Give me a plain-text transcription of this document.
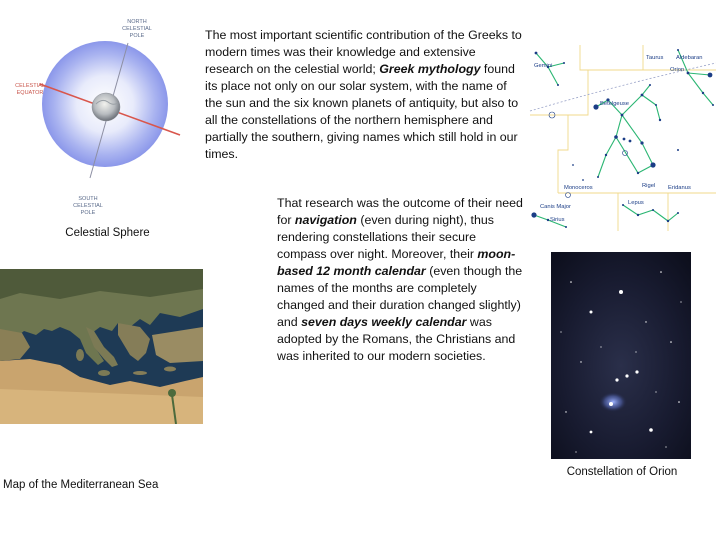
NORTH
CELESTIAL
POLE
CELESTIAL
EQUATOR
SOUTH
CELESTIAL
POLE

Celestial Sphere

The most important scientific contribution of the Greeks to modern times was their knowledge and extensive research on the celestial world; Greek mythology found its place not only on our solar system, with the name of the sun and the six known planets of antiquity, but also to all the constellations of the northern hemisphere and partially the southern, giving names which still hold in our times.

Gemini
Taurus Aldebaran
Orion
Betelgeuse
Monoceros	Rigel Eridanus
Canis Major
Lepus
Sirius

That research was the outcome of their need for navigation (even during night), thus rendering constellations their secure compass over night. Moreover, their moon-based 12 month calendar (even though the names of the months are completely changed and their duration changed slightly) and seven days weekly calendar was adopted by the Romans, the Christians and was inherited to our modern societies.

Map of the Mediterranean Sea

Constellation of Orion
